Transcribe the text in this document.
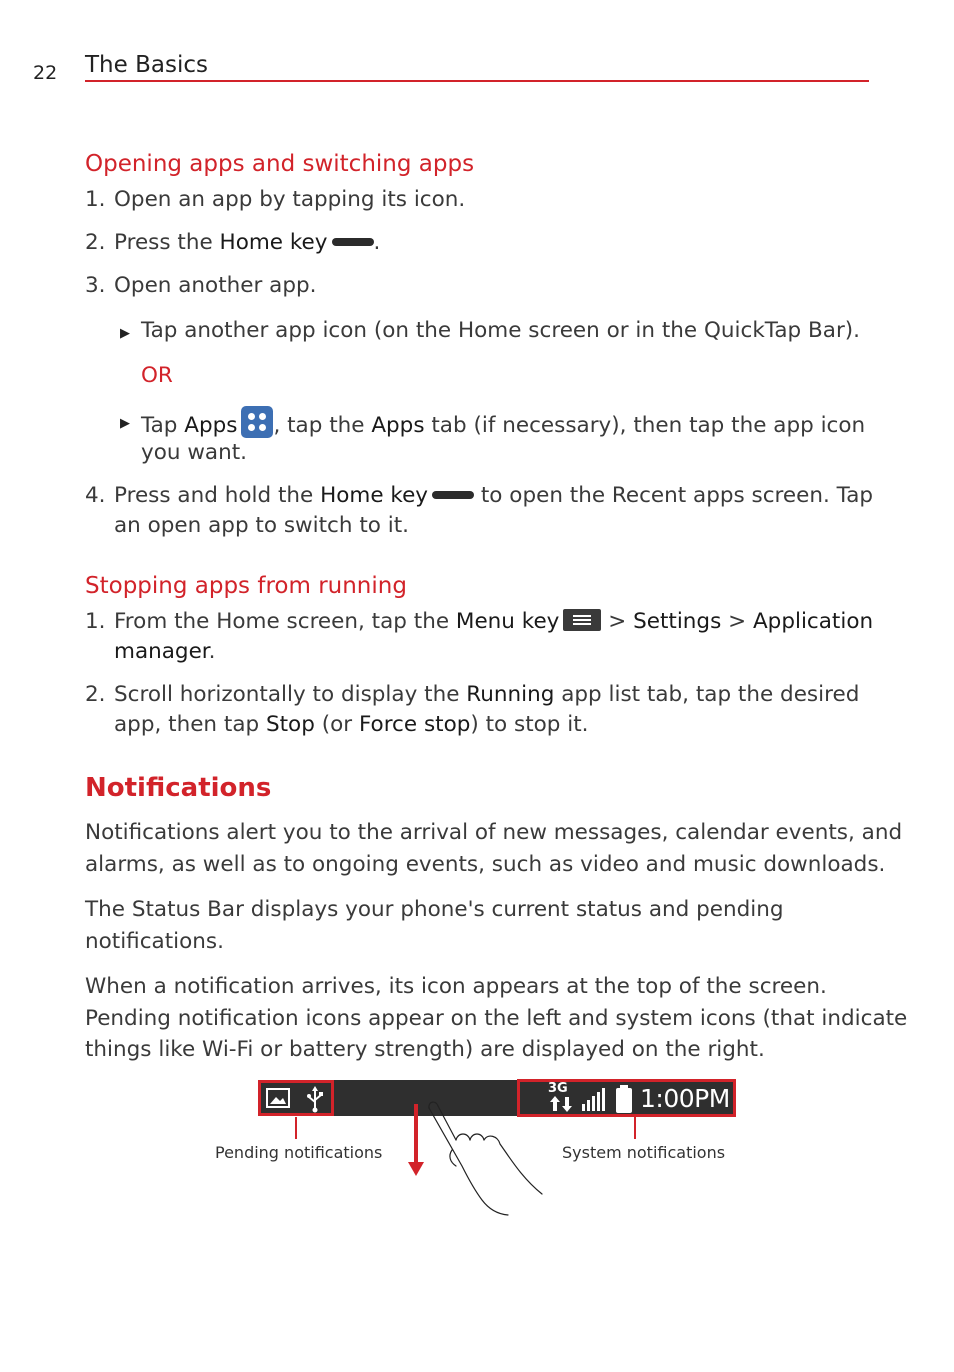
22 The Basics
Opening apps and switching apps
1. Open an app by tapping its icon.
2. Press the Home key .
3. Open another app.
▶ Tap another app icon (on the Home screen or in the QuickTap Bar).
OR
▶ Tap Apps , tap the Apps tab (if necessary), then tap the app icon
you want.
4. Press and hold the Home key to open the Recent apps screen. Tap
an open app to switch to it.
Stopping apps from running
1. From the Home screen, tap the Menu key
> Settings > Application
manager.
2. Scroll horizontally to display the Running app list tab, tap the desired
app, then tap Stop (or Force stop) to stop it.
Notifications
Notifications alert you to the arrival of new messages, calendar events, and
alarms, as well as to ongoing events, such as video and music downloads.
The Status Bar displays your phone's current status and pending
notifications.
When a notification arrives, its icon appears at the top of the screen.
Pending notification icons appear on the left and system icons (that indicate
things like Wi-Fi or battery strength) are displayed on the right.
3G	1:00PM
Pending notifications	System notifications
